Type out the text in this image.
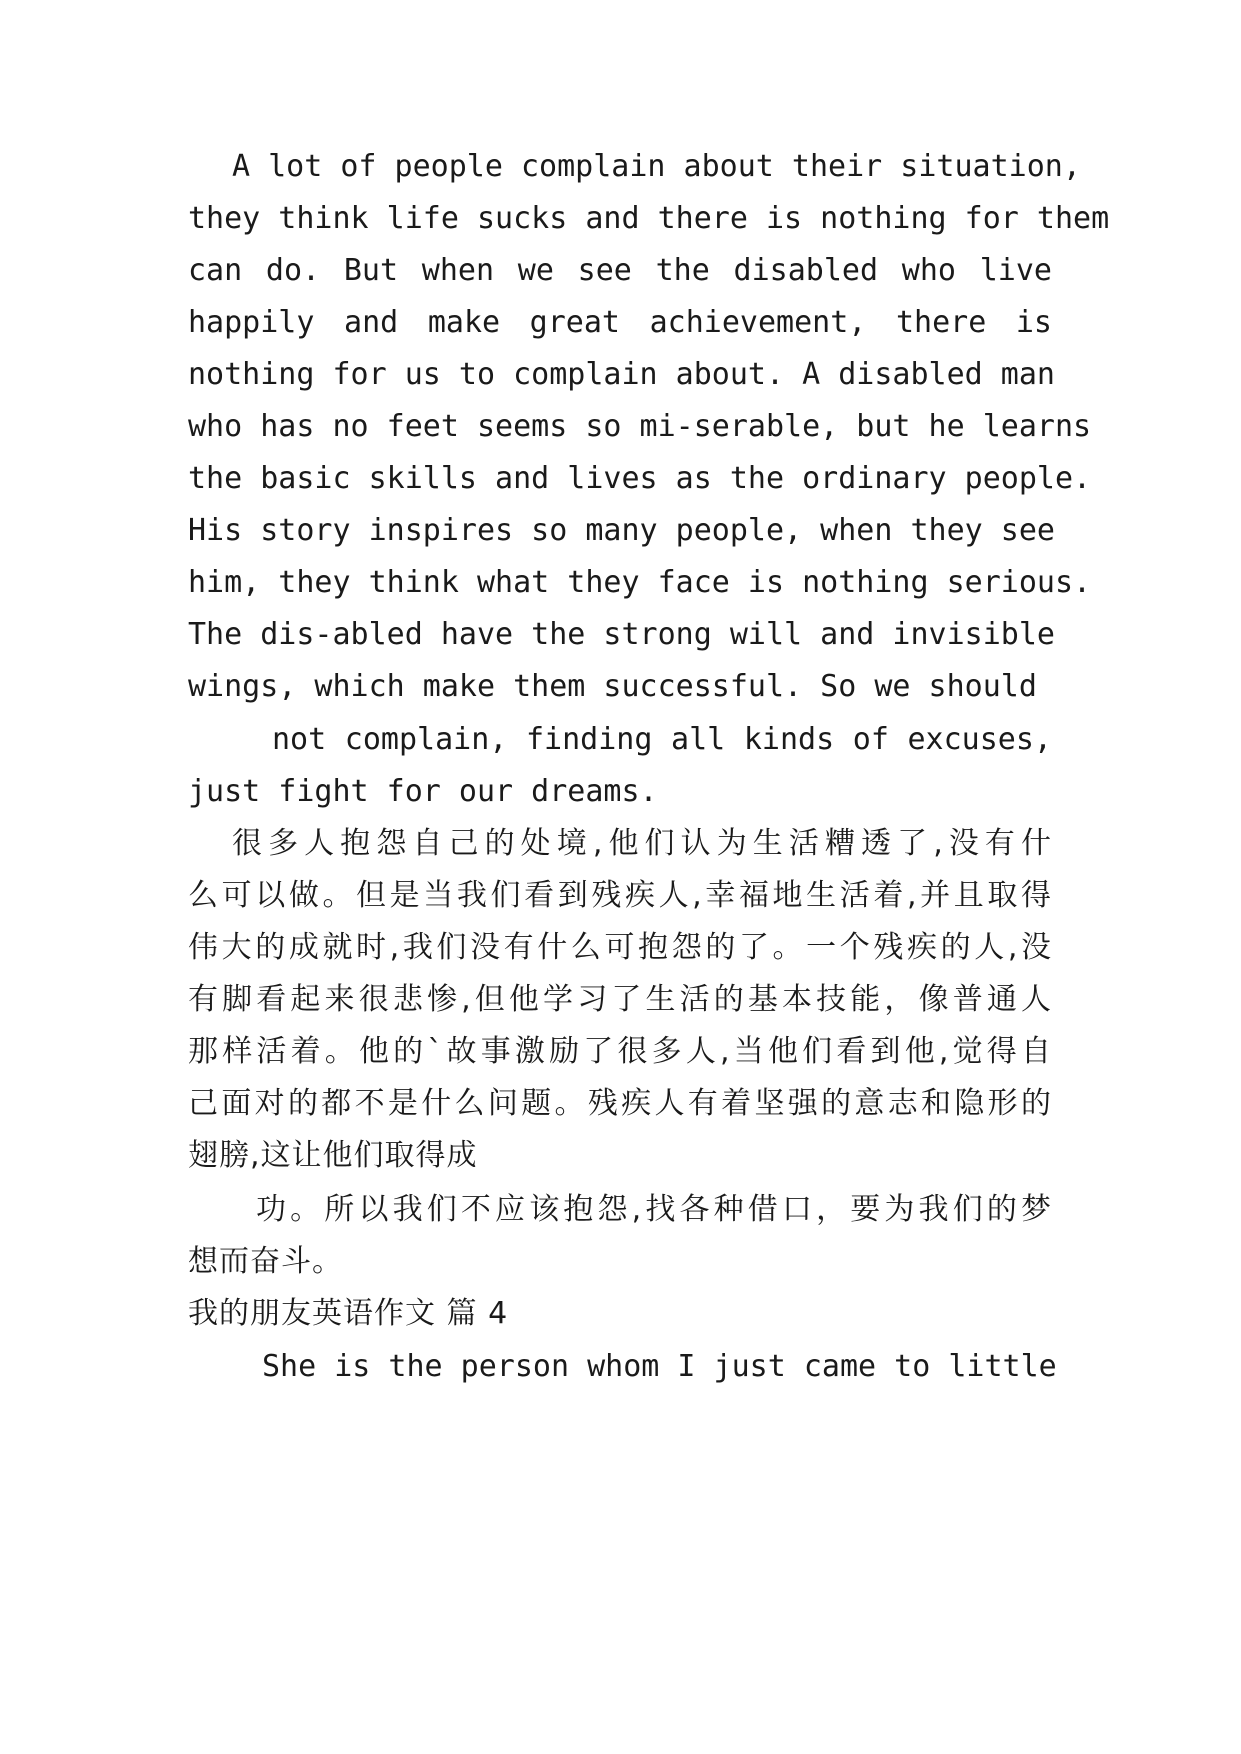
A lot of people complain about their situation,
they think life sucks and there is nothing for them
can do. But when we see the disabled who live
happily and make great achievement, there is
nothing for us to complain about. A disabled man
who has no feet seems so mi-serable, but he learns
the basic skills and lives as the ordinary people.
His story inspires so many people, when they see
him, they think what they face is nothing serious.
The dis-abled have the strong will and invisible
wings, which make them successful. So we should
not complain, finding all kinds of excuses,
just fight for our dreams.
很多人抱怨自己的处境,他们认为生活糟透了,没有什
么可以做。但是当我们看到残疾人,幸福地生活着,并且取得
伟大的成就时,我们没有什么可抱怨的了。一个残疾的人,没
有脚看起来很悲惨,但他学习了生活的基本技能，像普通人
那样活着。他的`故事激励了很多人,当他们看到他,觉得自
己面对的都不是什么问题。残疾人有着坚强的意志和隐形的
翅膀,这让他们取得成
功。所以我们不应该抱怨,找各种借口，要为我们的梦
想而奋斗。
我的朋友英语作文 篇 4
She is the person whom I just came to little
